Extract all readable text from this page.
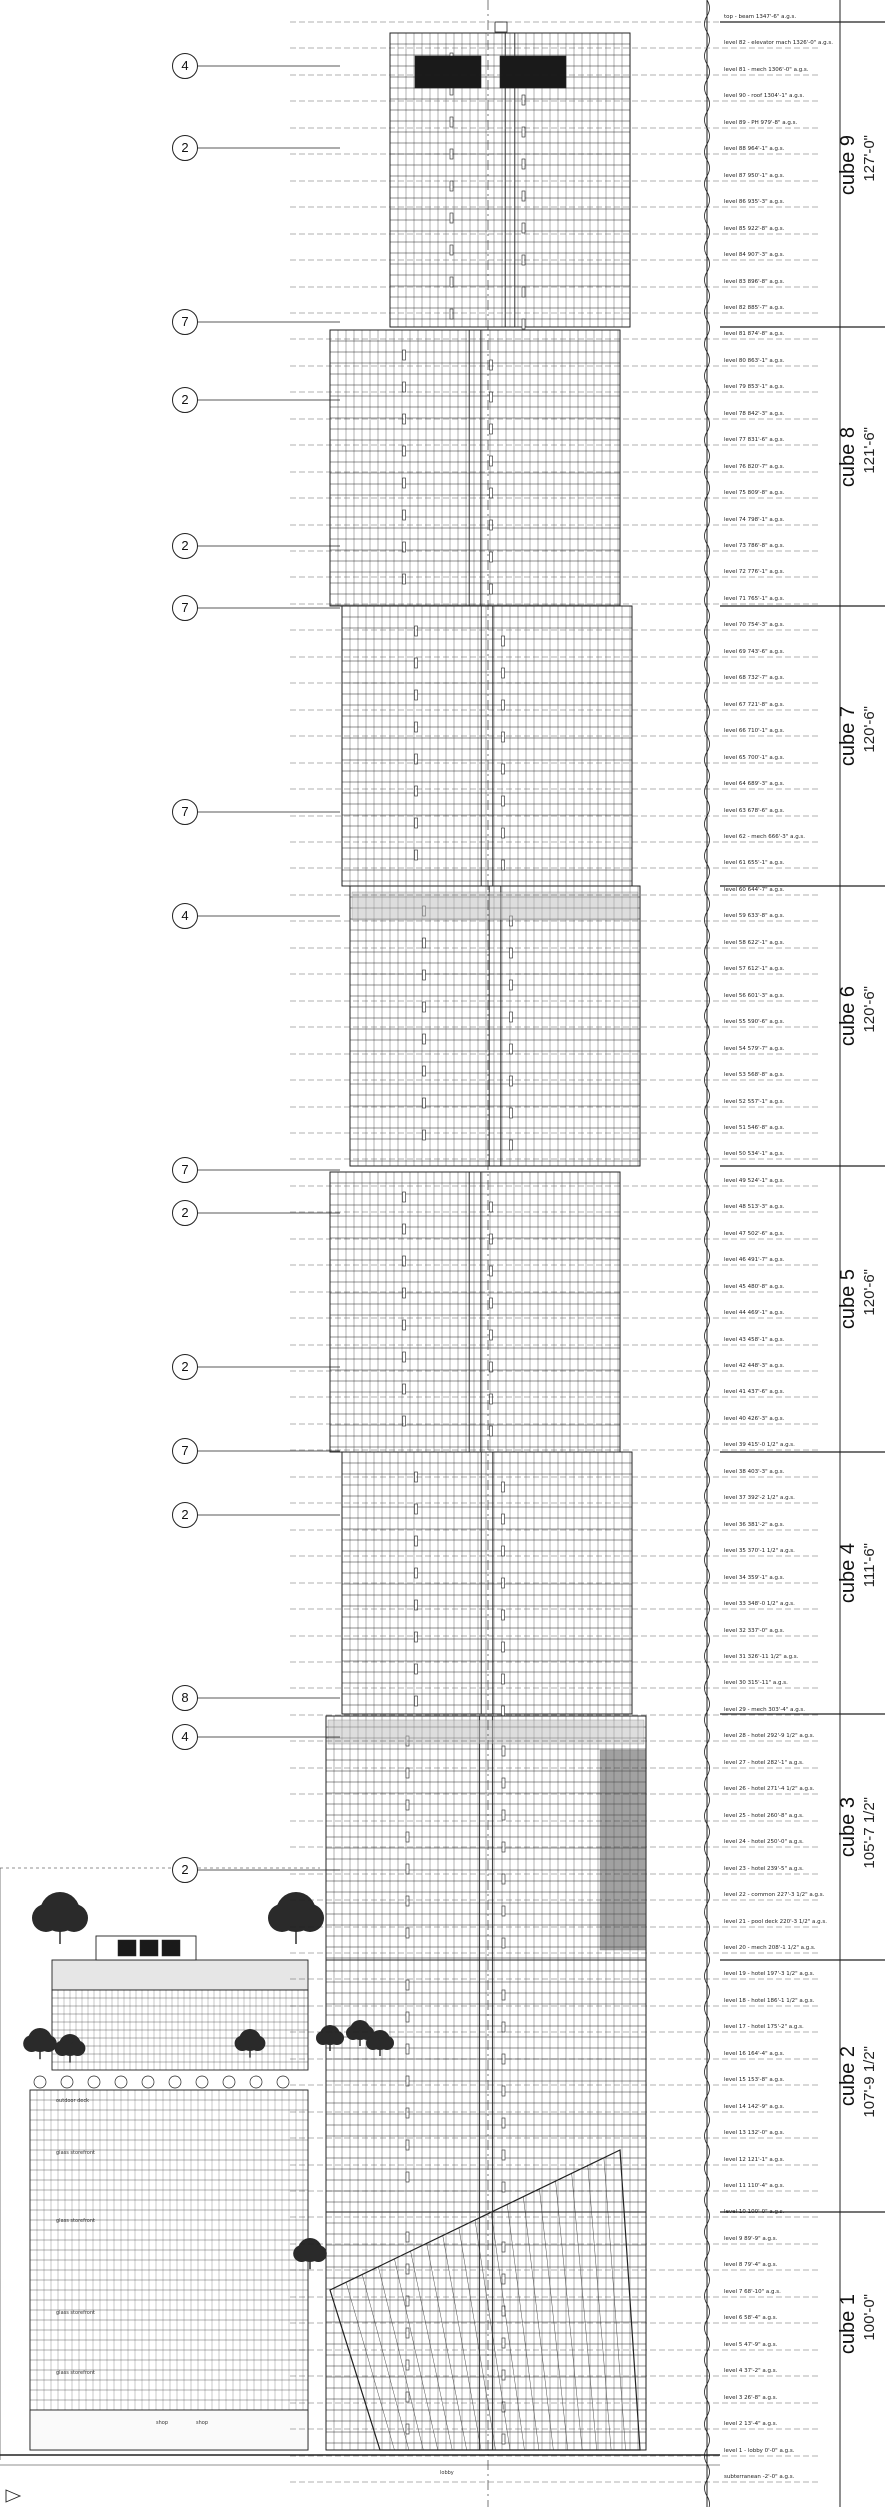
outdoor deck
glass storefront
glass storefront
glass storefront
glass storefront
shop	shop
lobby
top - beam 1347'-6" a.g.s.
level 82 - elevator mach 1326'-0" a.g.s.
level 81 - mech 1306'-0" a.g.s.
level 90 - roof 1304'-1" a.g.s.
level 89 - PH 979'-8" a.g.s.
level 88 964'-1" a.g.s.
level 87 950'-1" a.g.s.
level 86 935'-3" a.g.s.
level 85 922'-8" a.g.s.
level 84 907'-3" a.g.s.
level 83 896'-8" a.g.s.
level 82 885'-7" a.g.s.
level 81 874'-8" a.g.s.
level 80 863'-1" a.g.s.
level 79 853'-1" a.g.s.
level 78 842'-3" a.g.s.
level 77 831'-6" a.g.s.
level 76 820'-7" a.g.s.
level 75 809'-8" a.g.s.
level 74 798'-1" a.g.s.
level 73 786'-8" a.g.s.
level 72 776'-1" a.g.s.
level 71 765'-1" a.g.s.
level 70 754'-3" a.g.s.
level 69 743'-6" a.g.s.
level 68 732'-7" a.g.s.
level 67 721'-8" a.g.s.
level 66 710'-1" a.g.s.
level 65 700'-1" a.g.s.
level 64 689'-3" a.g.s.
level 63 678'-6" a.g.s.
level 62 - mech 666'-3" a.g.s.
level 61 655'-1" a.g.s.
level 60 644'-7" a.g.s.
level 59 633'-8" a.g.s.
level 58 622'-1" a.g.s.
level 57 612'-1" a.g.s.
level 56 601'-3" a.g.s.
level 55 590'-6" a.g.s.
level 54 579'-7" a.g.s.
level 53 568'-8" a.g.s.
level 52 557'-1" a.g.s.
level 51 546'-8" a.g.s.
level 50 534'-1" a.g.s.
level 49 524'-1" a.g.s.
level 48 513'-3" a.g.s.
level 47 502'-6" a.g.s.
level 46 491'-7" a.g.s.
level 45 480'-8" a.g.s.
level 44 469'-1" a.g.s.
level 43 458'-1" a.g.s.
level 42 448'-3" a.g.s.
level 41 437'-6" a.g.s.
level 40 426'-3" a.g.s.
level 39 415'-0 1/2" a.g.s.
level 38 403'-3" a.g.s.
level 37 392'-2 1/2" a.g.s.
level 36 381'-2" a.g.s.
level 35 370'-1 1/2" a.g.s.
level 34 359'-1" a.g.s.
level 33 348'-0 1/2" a.g.s.
level 32 337'-0" a.g.s.
level 31 326'-11 1/2" a.g.s.
level 30 315'-11" a.g.s.
level 29 - mech 303'-4" a.g.s.
level 28 - hotel 292'-9 1/2" a.g.s.
level 27 - hotel 282'-1" a.g.s.
level 26 - hotel 271'-4 1/2" a.g.s.
level 25 - hotel 260'-8" a.g.s.
level 24 - hotel 250'-0" a.g.s.
level 23 - hotel 239'-5" a.g.s.
level 22 - common 227'-3 1/2" a.g.s.
level 21 - pool deck 220'-3 1/2" a.g.s.
level 20 - mech 208'-1 1/2" a.g.s.
level 19 - hotel 197'-3 1/2" a.g.s.
level 18 - hotel 186'-1 1/2" a.g.s.
level 17 - hotel 175'-2" a.g.s.
level 16 164'-4" a.g.s.
level 15 153'-8" a.g.s.
level 14 142'-9" a.g.s.
level 13 132'-0" a.g.s.
level 12 121'-1" a.g.s.
level 11 110'-4" a.g.s.
level 10 100'-0" a.g.s.
level 9 89'-9" a.g.s.
level 8 79'-4" a.g.s.
level 7 68'-10" a.g.s.
level 6 58'-4" a.g.s.
level 5 47'-9" a.g.s.
level 4 37'-2" a.g.s.
level 3 26'-8" a.g.s.
level 2 13'-4" a.g.s.
level 1 - lobby 0'-0" a.g.s.
subterranean -2'-0" a.g.s.
cube 9 127'-0"
cube 8 121'-6"
cube 7 120'-6"
cube 6 120'-6"
cube 5 120'-6"
cube 4 111'-6"
cube 3 105'-7 1/2"
cube 2 107'-9 1/2"
cube 1 100'-0"
4
2
7
2
2
7
7
4
7
2
2
7
2
8
4
2
